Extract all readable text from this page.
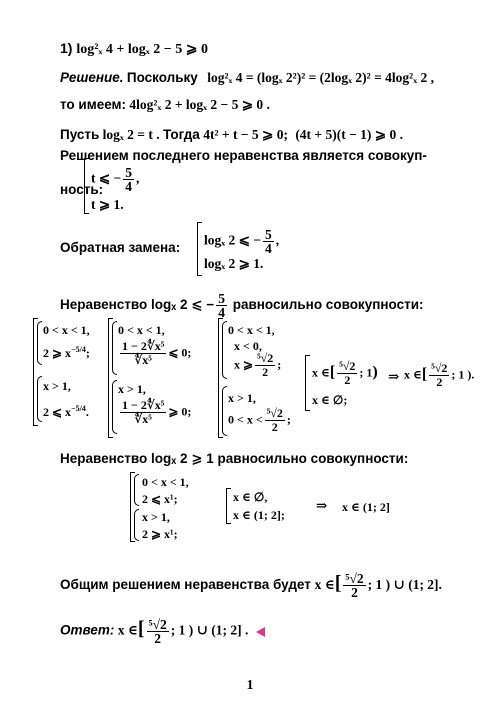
1) log²ₓ 4 + logₓ 2 − 5 ⩾ 0
Решение. Поскольку log²ₓ 4 = (logₓ 2²)² = (2logₓ 2)² = 4log²ₓ 2 ,
то имеем: 4log²ₓ 2 + logₓ 2 − 5 ⩾ 0 .
Пусть logₓ 2 = t . Тогда 4t² + t − 5 ⩾ 0; (4t + 5)(t − 1) ⩾ 0 .
Решением последнего неравенства является совокуп-
ность:
t ⩽ − $\frac{5}{4}$ ,
t ⩾ 1.
Обратная замена: logₓ 2 ⩽ − $\frac{5}{4}$ ,
logₓ 2 ⩾ 1.
Неравенство logₓ 2 ⩽ − $\frac{5}{4}$ равносильно совокупности:
0 < x < 1,
2 ⩾ $x^{-5/4}$;
x > 1,
2 ⩽ $x^{-5/4}$.
0 < x < 1,
$\frac{\text{1 − 2∜x⁵}}{\text{∜x⁵}}$ ⩽ 0;
x > 1,
$\frac{\text{1 − 2∜x⁵}}{\text{∜x⁵}}$ ⩾ 0;
0 < x < 1,
x < 0,
x ⩾ $\frac{\text{⁵√2}}{2}$ ;
x > 1,
$0 < x < \frac{\text{⁵√2}}{2}$ ;
x ∈[ $\frac{\text{⁵√2}}{2}$ ; 1)
x ∈ ∅;
⇒ x ∈[ $\frac{\text{⁵√2}}{2}$ ; 1 ).
Неравенство logₓ 2 ⩾ 1 равносильно совокупности:
0 < x < 1,
2 ⩽ x¹;
x > 1,
2 ⩾ x¹;
x ∈ ∅,
x ∈ (1; 2];
⇒ x ∈ (1; 2]
Общим решением неравенства будет x ∈[ $\frac{\text{⁵√2}}{2}$ ; 1 ) ∪ (1; 2].
Ответ: x ∈[ $\frac{\text{⁵√2}}{2}$ ; 1 ) ∪ (1; 2] .
1
